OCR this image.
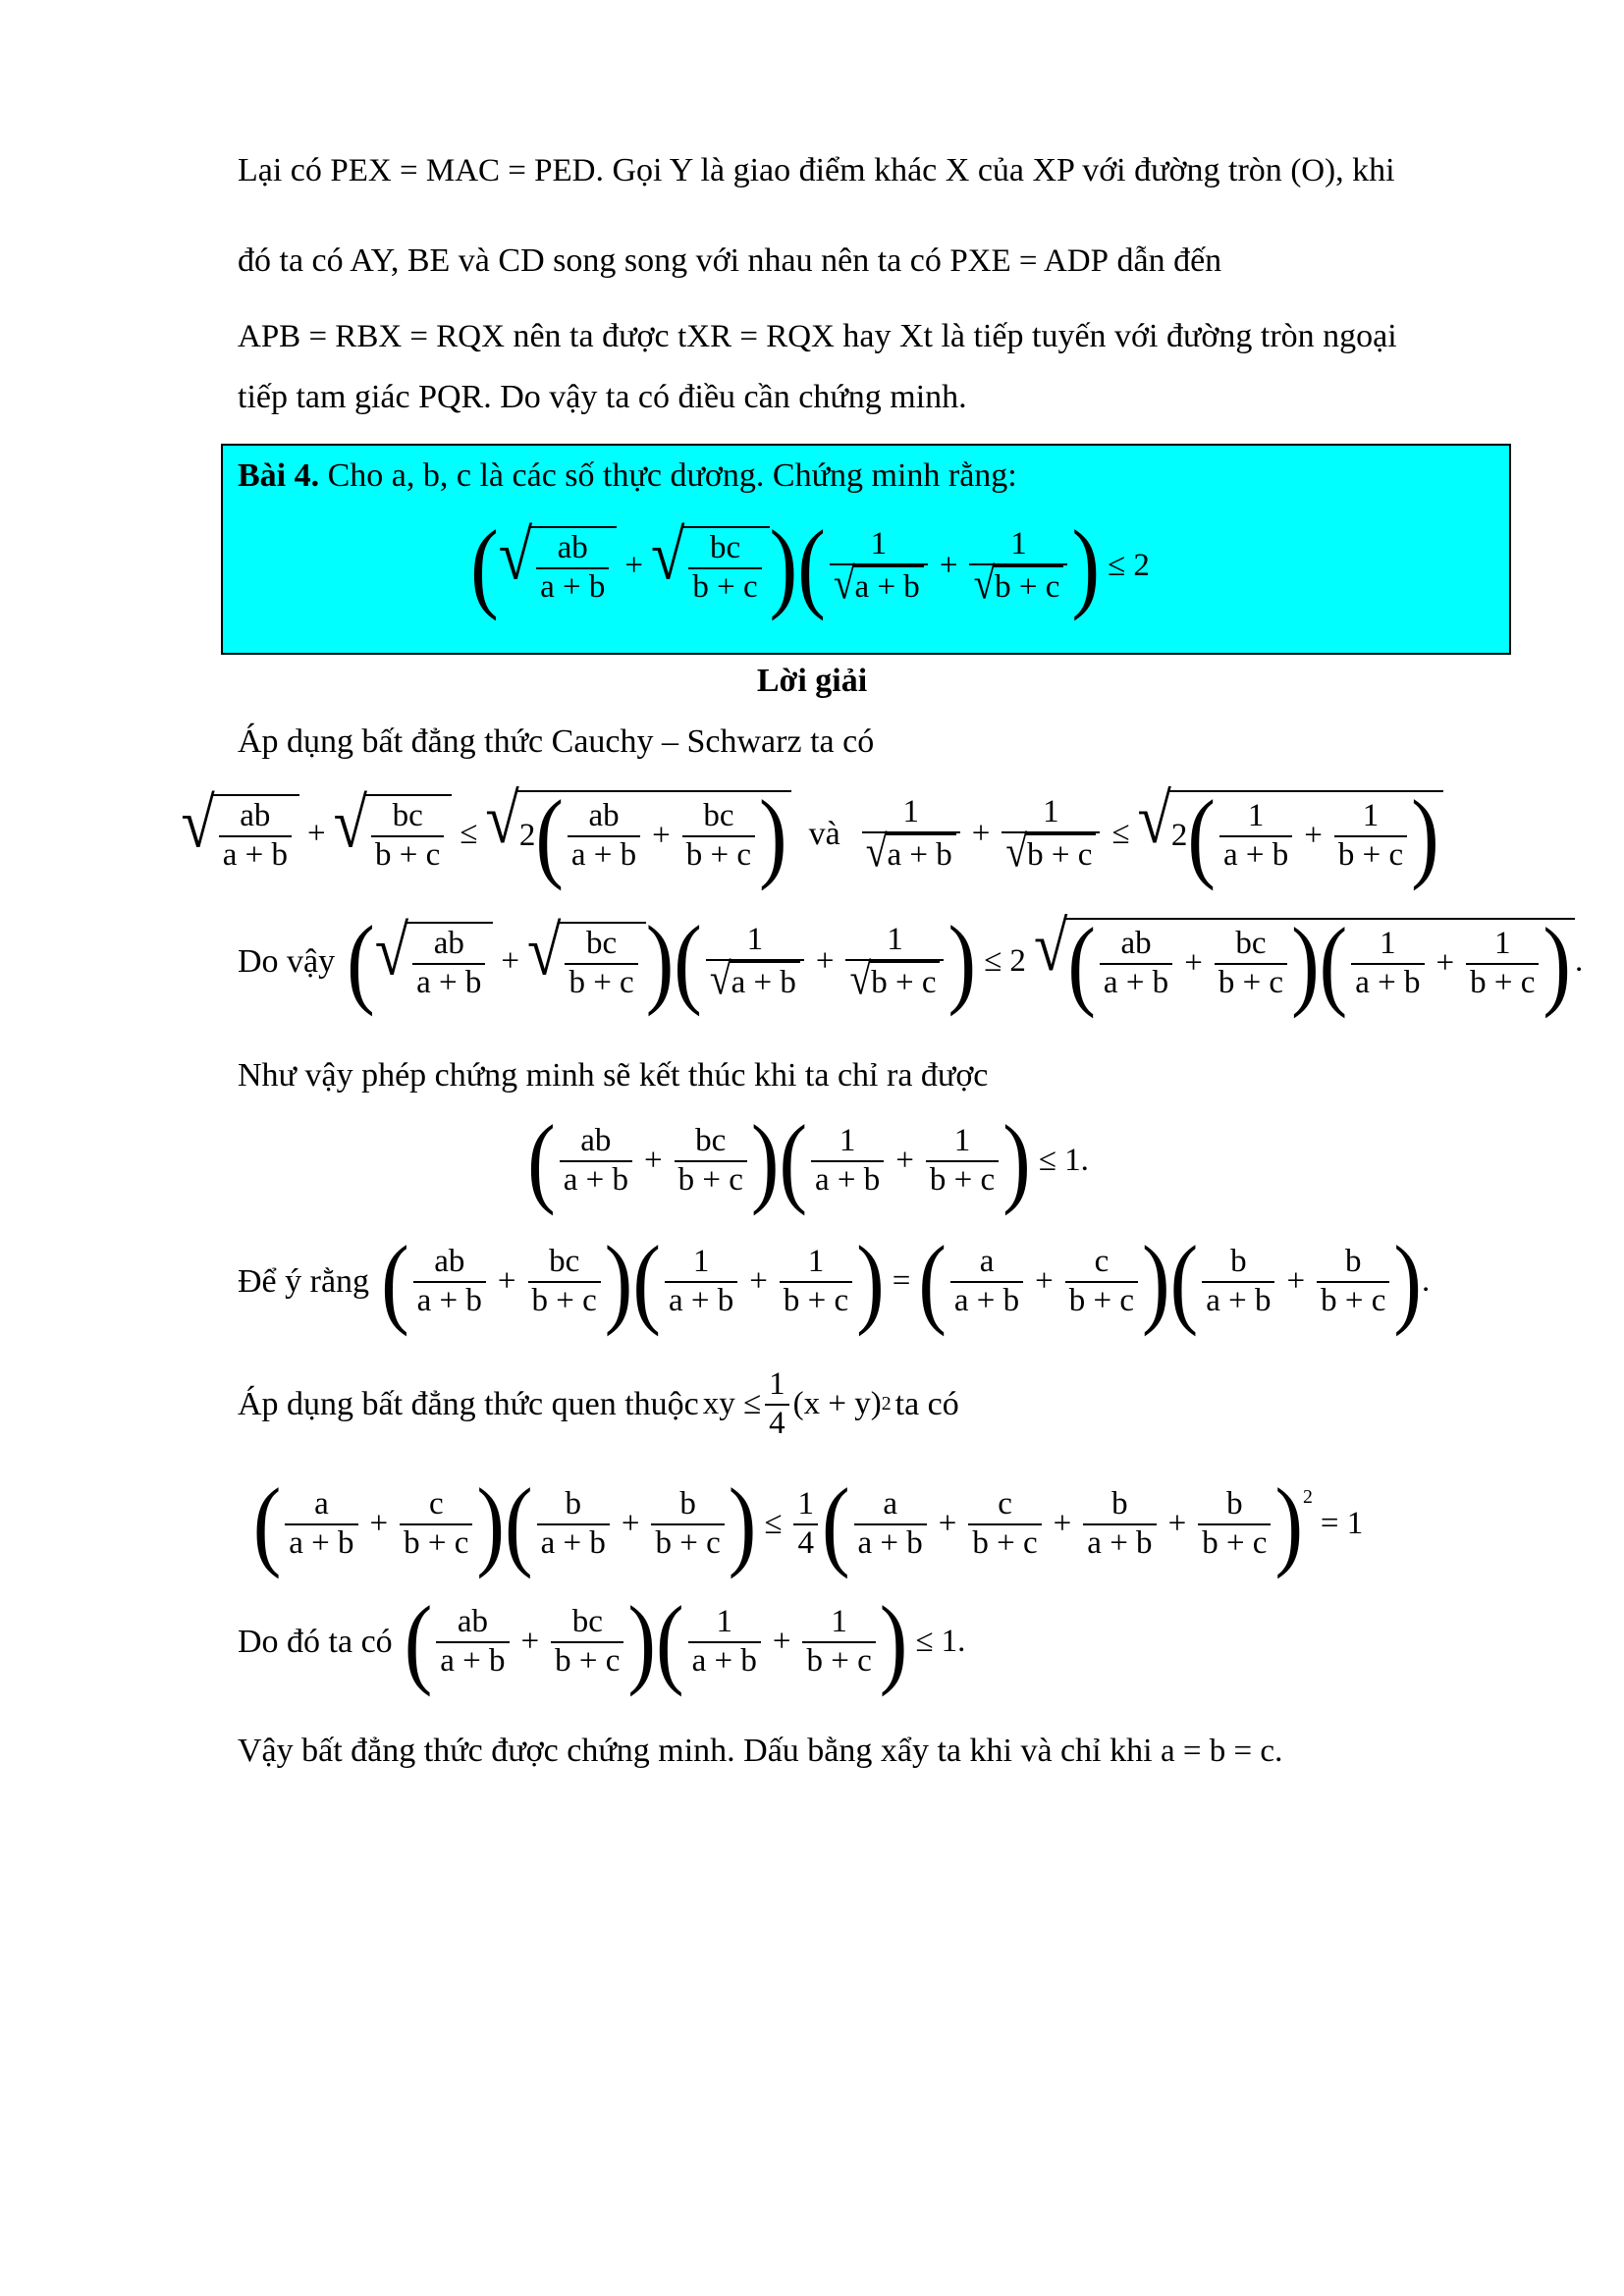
Lại có PEX = MAC = PED. Gọi Y là giao điểm khác X của XP với đường tròn (O), khi

đó ta có AY, BE và CD song song với nhau nên ta có PXE = ADP dẫn đến

APB = RBX = RQX nên ta được tXR = RQX hay Xt là tiếp tuyến với đường tròn ngoại

tiếp tam giác PQR. Do vậy ta có điều cần chứng minh.

Bài 4. Cho a, b, c là các số thực dương. Chứng minh rằng:
( √ $\frac{ab}{a + b}$ + √ $\frac{bc}{b + c}$ ) ( $\frac{1}{√ a + b} + \frac{1}{√ b + c}$ ) ≤ 2
Lời giải

Áp dụng bất đẳng thức Cauchy – Schwarz ta có

√ $\frac{ab}{a + b}$ + √ $\frac{bc}{b + c}$ ≤ √ 2 ( $\frac{ab}{a + b} + \frac{bc}{b + c}$ ) và $\frac{1}{√ a + b} + \frac{1}{√ b + c}$ ≤ √ 2 ( $\frac{1}{a + b} + \frac{1}{b + c}$ )
Do vậy ( √ $\frac{ab}{a + b}$ + √ $\frac{bc}{b + c}$ ) ( $\frac{1}{√ a + b} + \frac{1}{√ b + c}$ ) ≤ 2 √ ( $\frac{ab}{a + b} + \frac{bc}{b + c}$ ) ( $\frac{1}{a + b} + \frac{1}{b + c}$ ) .

Như vậy phép chứng minh sẽ kết thúc khi ta chỉ ra được

( $\frac{ab}{a + b} + \frac{bc}{b + c}$ ) ( $\frac{1}{a + b} + \frac{1}{b + c}$ ) ≤ 1.
Để ý rằng ( $\frac{ab}{a + b} + \frac{bc}{b + c}$ ) ( $\frac{1}{a + b} + \frac{1}{b + c}$ ) = ( $\frac{a}{a + b} + \frac{c}{b + c}$ ) ( $\frac{b}{a + b} + \frac{b}{b + c}$ ) .
Áp dụng bất đẳng thức quen thuộc xy ≤ $\frac{1}{4} (x + y)$ 2 ta có
( $\frac{a}{a + b} + \frac{c}{b + c}$ ) ( $\frac{b}{a + b} + \frac{b}{b + c}$ ) ≤ $\frac{1}{4}$ ( $\frac{a}{a + b} + \frac{c}{b + c} + \frac{b}{a + b} + \frac{b}{b + c} )^2$
= 1
Do đó ta có ( $\frac{ab}{a + b} + \frac{bc}{b + c}$ ) ( $\frac{1}{a + b} + \frac{1}{b + c}$ ) ≤ 1.

Vậy bất đẳng thức được chứng minh. Dấu bằng xẩy ta khi và chỉ khi a = b = c.
